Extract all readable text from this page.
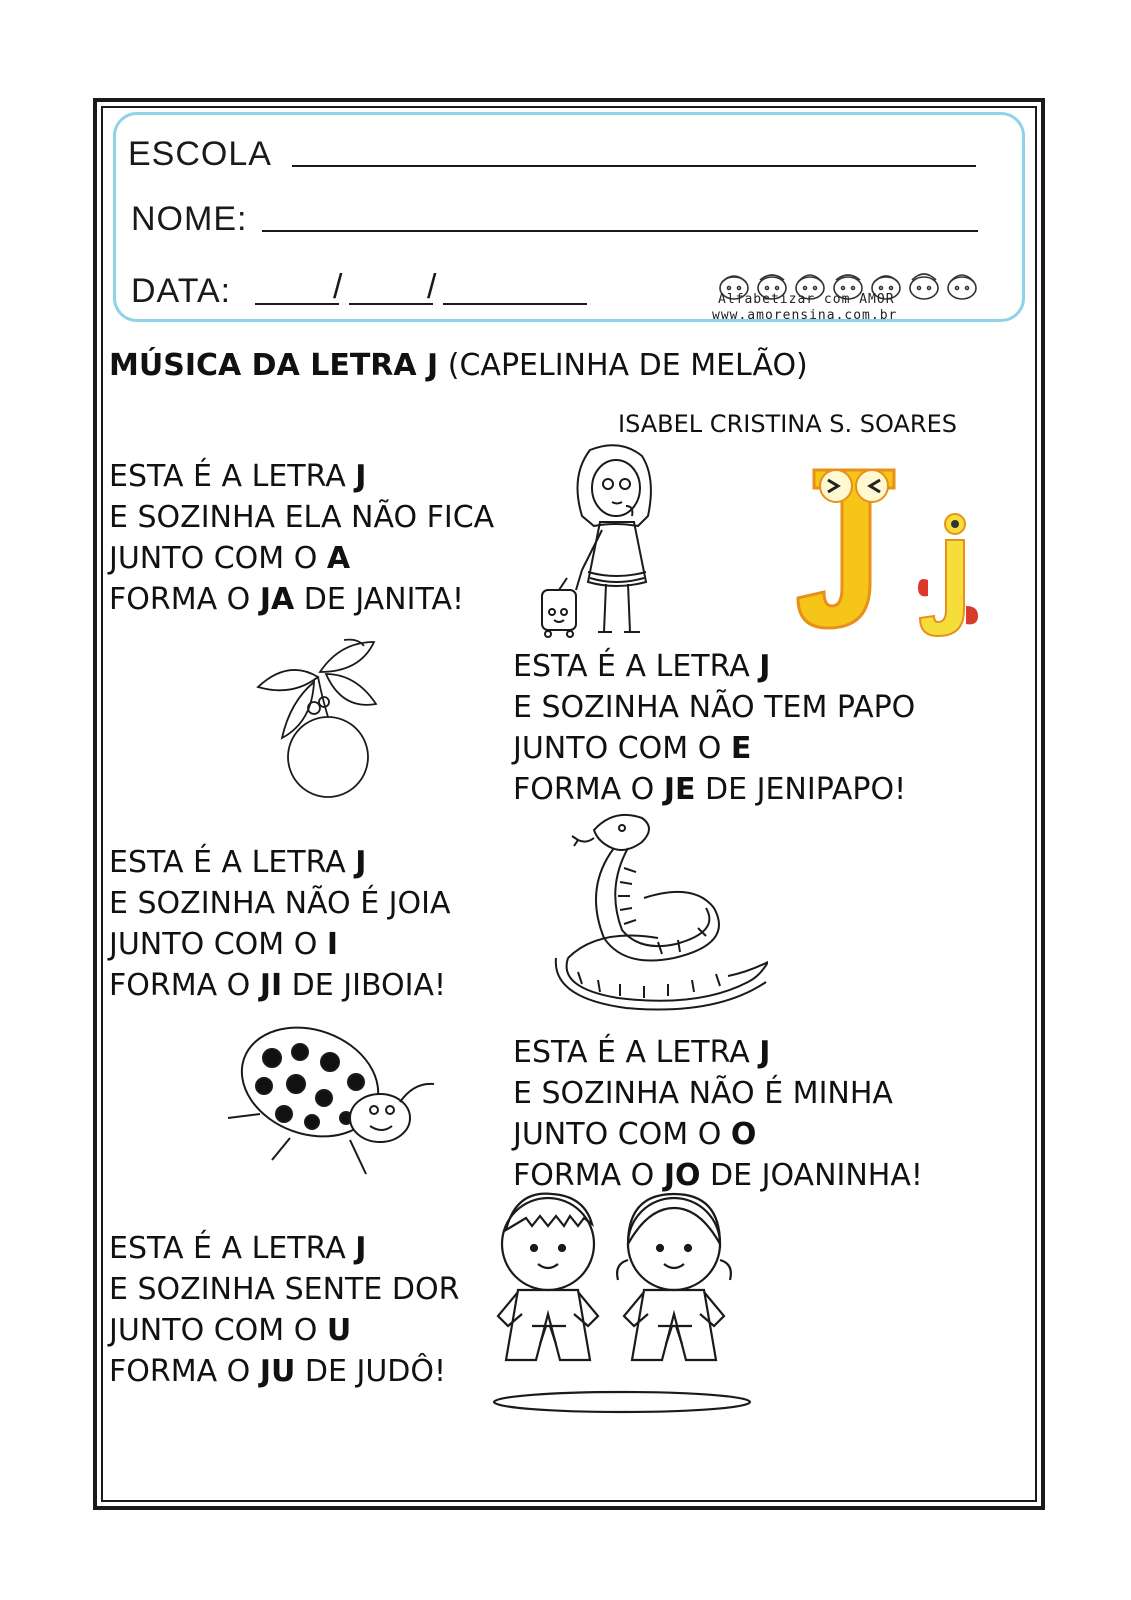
ESCOLA
NOME:
DATA:	/ /	Alfabetizar com AMOR
www.amorensina.com.br
MÚSICA DA LETRA J (CAPELINHA DE MELÃO)
ISABEL CRISTINA S. SOARES
ESTA É A LETRA J
E SOZINHA ELA NÃO FICA
JUNTO COM O A
FORMA O JA DE JANITA!
ESTA É A LETRA J
E SOZINHA NÃO TEM PAPO
JUNTO COM O E
FORMA O JE DE JENIPAPO!
ESTA É A LETRA J
E SOZINHA NÃO É JOIA
JUNTO COM O I
FORMA O JI DE JIBOIA!
ESTA É A LETRA J
E SOZINHA NÃO É MINHA
JUNTO COM O O
FORMA O JO DE JOANINHA!
ESTA É A LETRA J
E SOZINHA SENTE DOR
JUNTO COM O U
FORMA O JU DE JUDÔ!
